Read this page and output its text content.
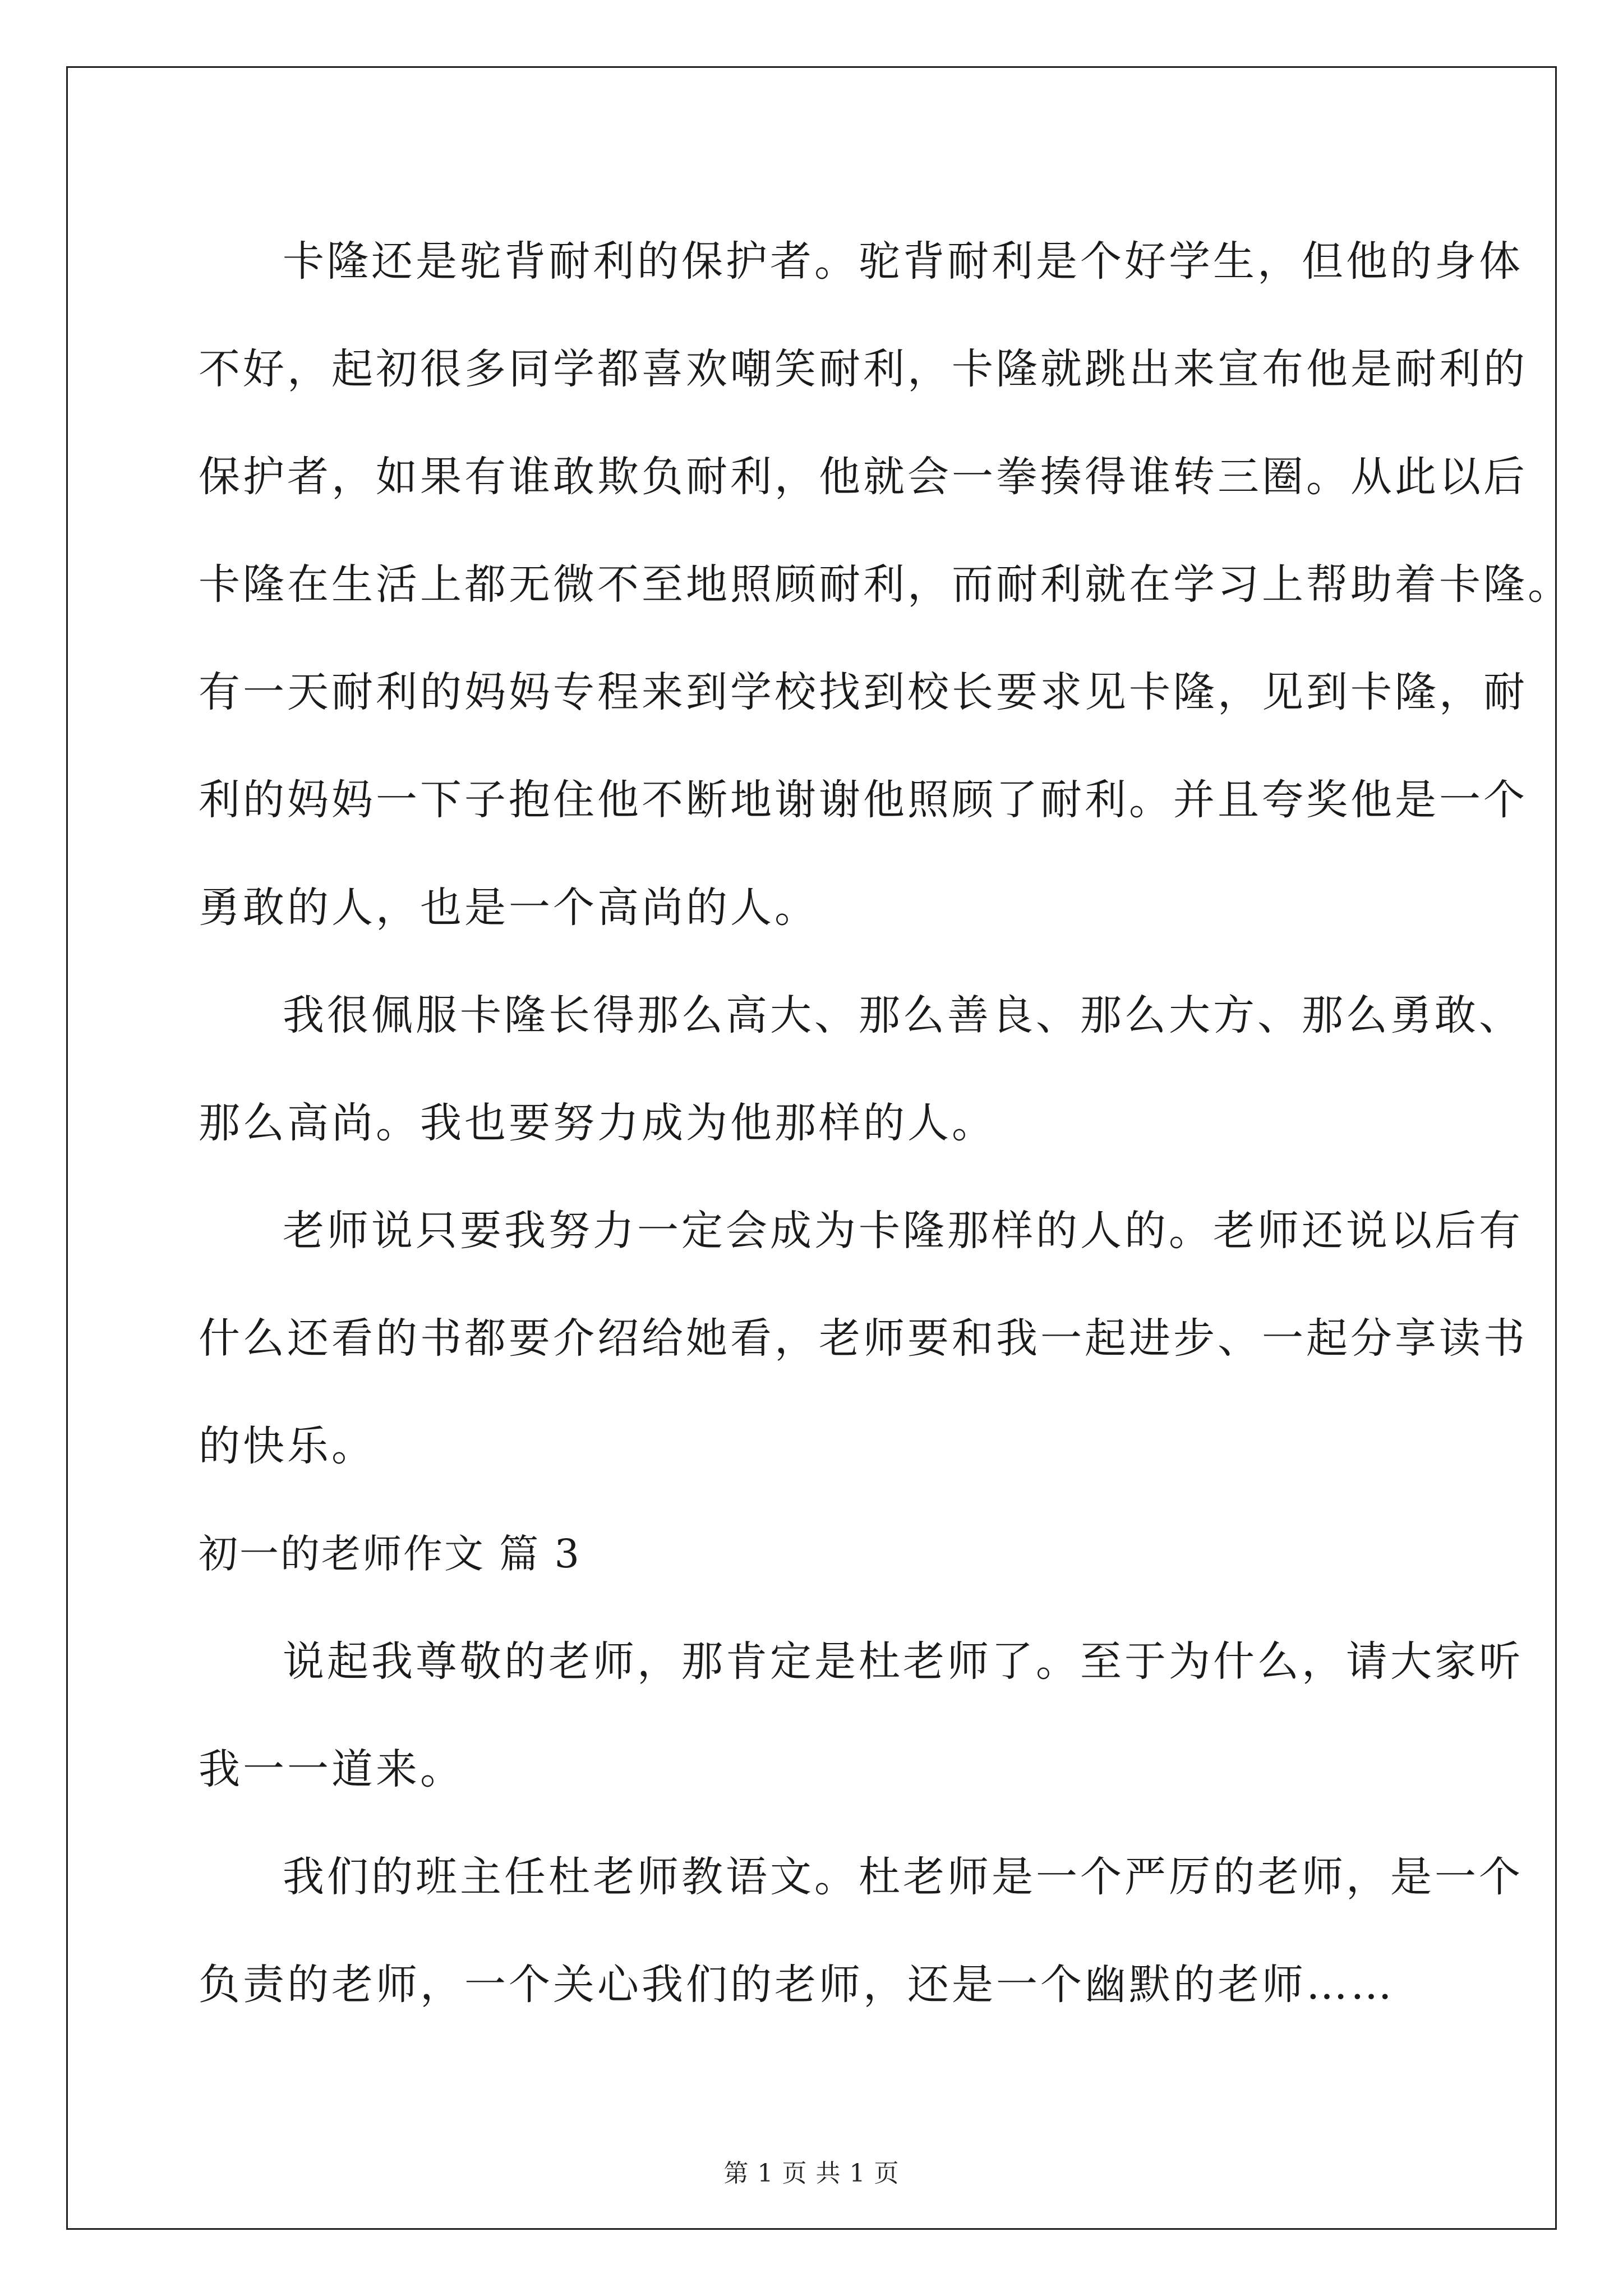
卡隆还是驼背耐利的保护者。驼背耐利是个好学生，但他的身体
不好，起初很多同学都喜欢嘲笑耐利，卡隆就跳出来宣布他是耐利的
保护者，如果有谁敢欺负耐利，他就会一拳揍得谁转三圈。从此以后
卡隆在生活上都无微不至地照顾耐利，而耐利就在学习上帮助着卡隆。
有一天耐利的妈妈专程来到学校找到校长要求见卡隆，见到卡隆，耐
利的妈妈一下子抱住他不断地谢谢他照顾了耐利。并且夸奖他是一个
勇敢的人，也是一个高尚的人。
我很佩服卡隆长得那么高大、那么善良、那么大方、那么勇敢、
那么高尚。我也要努力成为他那样的人。
老师说只要我努力一定会成为卡隆那样的人的。老师还说以后有
什么还看的书都要介绍给她看，老师要和我一起进步、一起分享读书
的快乐。
初一的老师作文 篇 3
说起我尊敬的老师，那肯定是杜老师了。至于为什么，请大家听
我一一道来。
我们的班主任杜老师教语文。杜老师是一个严厉的老师，是一个
负责的老师，一个关心我们的老师，还是一个幽默的老师……
第 1 页 共 1 页
